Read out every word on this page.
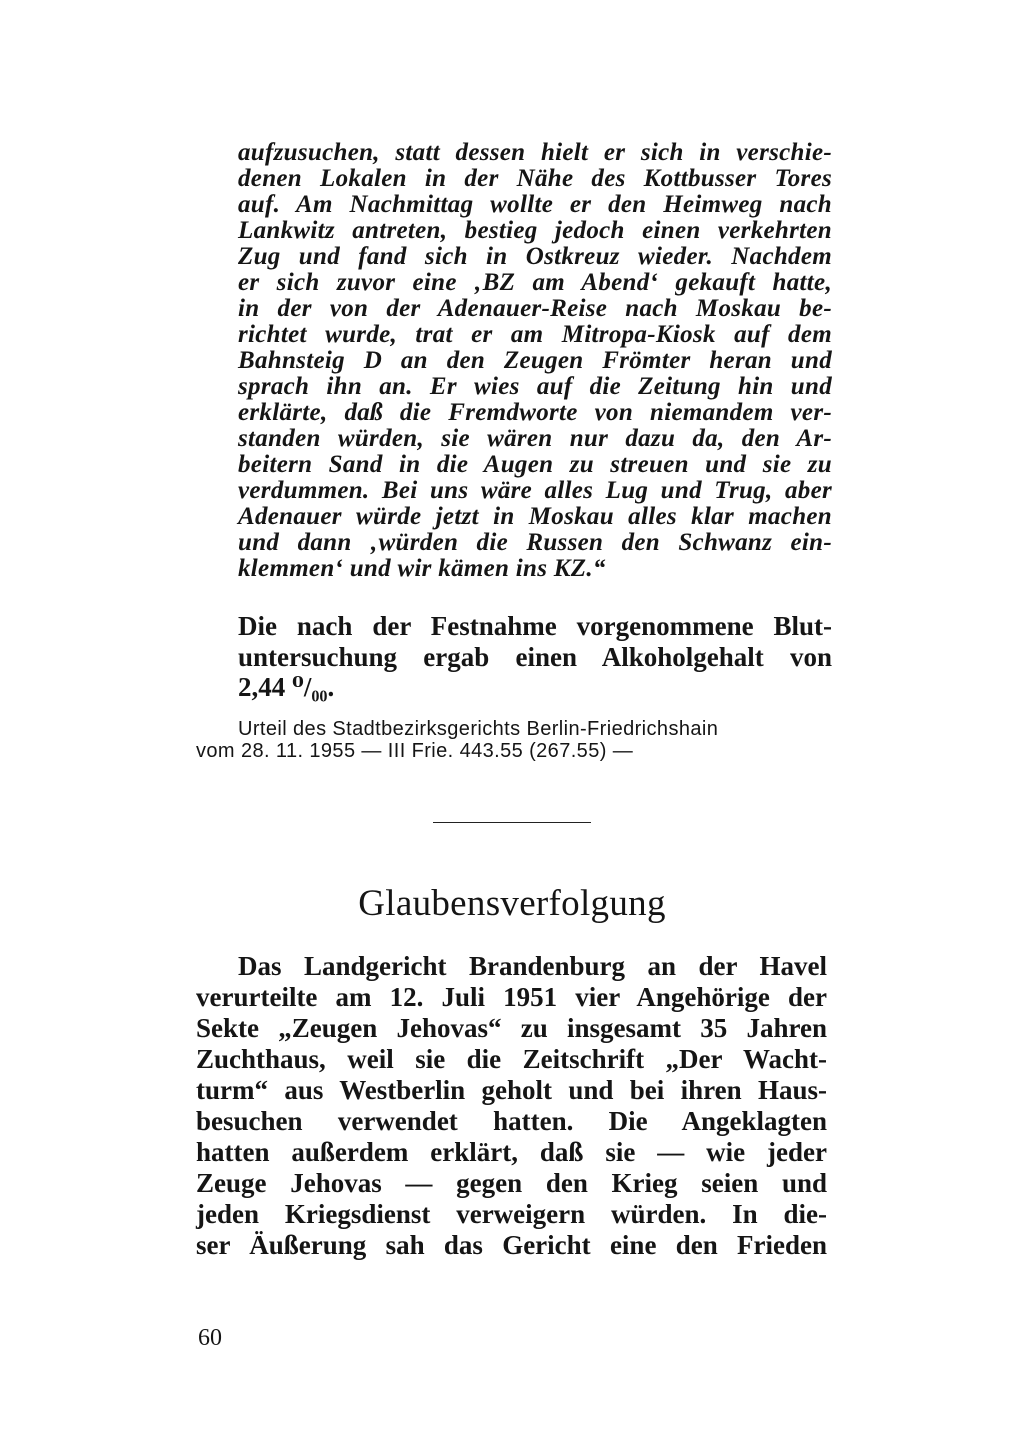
aufzusuchen, statt dessen hielt er sich in verschie-

denen Lokalen in der Nähe des Kottbusser Tores

auf. Am Nachmittag wollte er den Heimweg nach

Lankwitz antreten, bestieg jedoch einen verkehrten

Zug und fand sich in Ostkreuz wieder. Nachdem

er sich zuvor eine ‚BZ am Abend‘ gekauft hatte,

in der von der Adenauer-Reise nach Moskau be-

richtet wurde, trat er am Mitropa-Kiosk auf dem

Bahnsteig D an den Zeugen Frömter heran und

sprach ihn an. Er wies auf die Zeitung hin und

erklärte, daß die Fremdworte von niemandem ver-

standen würden, sie wären nur dazu da, den Ar-

beitern Sand in die Augen zu streuen und sie zu

verdummen. Bei uns wäre alles Lug und Trug, aber

Adenauer würde jetzt in Moskau alles klar machen

und dann ‚würden die Russen den Schwanz ein-

klemmen‘ und wir kämen ins KZ.“

Die nach der Festnahme vorgenommene Blut-

untersuchung ergab einen Alkoholgehalt von

2,44 ⁰/₀₀.

Urteil des Stadtbezirksgerichts Berlin-Friedrichshain

vom 28. 11. 1955 — III Frie. 443.55 (267.55) —

Glaubensverfolgung

Das Landgericht Brandenburg an der Havel

verurteilte am 12. Juli 1951 vier Angehörige der

Sekte „Zeugen Jehovas“ zu insgesamt 35 Jahren

Zuchthaus, weil sie die Zeitschrift „Der Wacht-

turm“ aus Westberlin geholt und bei ihren Haus-

besuchen verwendet hatten. Die Angeklagten

hatten außerdem erklärt, daß sie — wie jeder

Zeuge Jehovas — gegen den Krieg seien und

jeden Kriegsdienst verweigern würden. In die-

ser Äußerung sah das Gericht eine den Frieden

60
